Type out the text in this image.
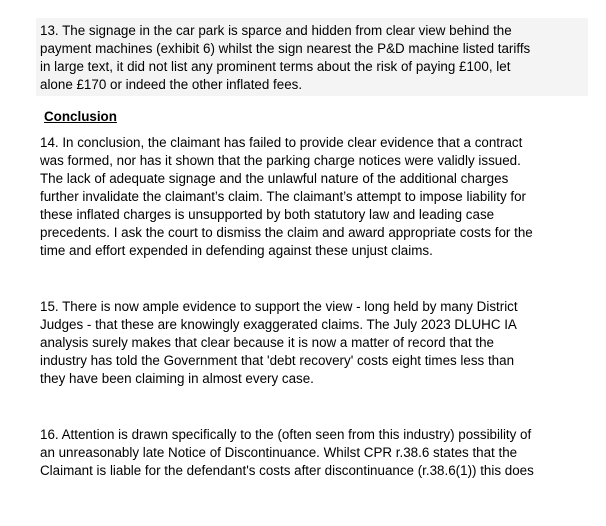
13. The signage in the car park is sparce and hidden from clear view behind the
payment machines (exhibit 6) whilst the sign nearest the P&D machine listed tariffs
in large text, it did not list any prominent terms about the risk of paying £100, let
alone £170 or indeed the other inflated fees.
Conclusion
14. In conclusion, the claimant has failed to provide clear evidence that a contract
was formed, nor has it shown that the parking charge notices were validly issued.
The lack of adequate signage and the unlawful nature of the additional charges
further invalidate the claimant’s claim. The claimant’s attempt to impose liability for
these inflated charges is unsupported by both statutory law and leading case
precedents. I ask the court to dismiss the claim and award appropriate costs for the
time and effort expended in defending against these unjust claims.
15. There is now ample evidence to support the view - long held by many District
Judges - that these are knowingly exaggerated claims. The July 2023 DLUHC IA
analysis surely makes that clear because it is now a matter of record that the
industry has told the Government that 'debt recovery' costs eight times less than
they have been claiming in almost every case.
16. Attention is drawn specifically to the (often seen from this industry) possibility of
an unreasonably late Notice of Discontinuance. Whilst CPR r.38.6 states that the
Claimant is liable for the defendant's costs after discontinuance (r.38.6(1)) this does
